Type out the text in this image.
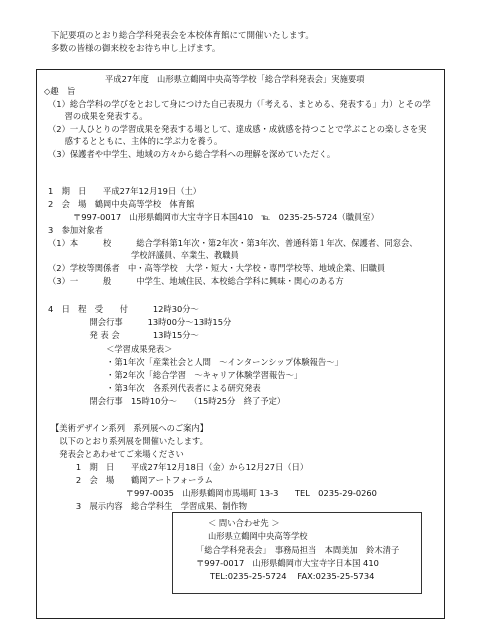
下記要項のとおり総合学科発表会を本校体育館にて開催いたします。
多数の皆様の御来校をお待ち申し上げます。
平成27年度　山形県立鶴岡中央高等学校「総合学科発表会」実施要項
◇趣　旨
（1）総合学科の学びをとおして身につけた自己表現力（「考える、まとめる、発表する」力）とその学
　　習の成果を発表する。
（2）一人ひとりの学習成果を発表する場として、達成感・成就感を持つことで学ぶことの楽しさを実
　　感するとともに、主体的に学ぶ力を養う。
（3）保護者や中学生、地域の方々から総合学科への理解を深めていただく。
1　期　日　　平成27年12月19日（土）
2　会　場　鶴岡中央高等学校　体育館
　　　〒997-0017　山形県鶴岡市大宝寺字日本国410　℡　0235-25-5724（職員室）
3　参加対象者
（1）本　　　校　　　総合学科第1年次・第2年次・第3年次、普通科第１年次、保護者、同窓会、
　　　　　　　　　　学校評議員、卒業生、教職員
（2）学校等関係者　中・高等学校　大学・短大・大学校・専門学校等、地域企業、旧職員
（3）一　　　般　　　中学生、地域住民、本校総合学科に興味・関心のある方
4　日　程　受　　付　　　12時30分～
　　　　　開会行事　　　13時00分～13時15分
　　　　　発 表 会　　　　13時15分～
　　　　　　　＜学習成果発表＞
　　　　　　　・第1年次「産業社会と人間　～インターンシップ体験報告～」
　　　　　　　・第2年次「総合学習　～キャリア体験学習報告～」
　　　　　　　・第3年次　各系列代表者による研究発表
　　　　　閉会行事　15時10分～　　（15時25分　終了予定）
【美術デザイン系列　系列展へのご案内】
　以下のとおり系列展を開催いたします。
　発表会とあわせてご来場ください
　　　1　期　日　　平成27年12月18日（金）から12月27日（日）
　　　2　会　場　　鶴岡アートフォーラム
　　　　　　　　　〒997-0035　山形県鶴岡市馬場町 13-3　　TEL　0235-29-0260
　　　3　展示内容　総合学科生　学習成果、制作物
＜ 問い合わせ先 ＞
山形県立鶴岡中央高等学校
「総合学科発表会」　事務局担当　本間美加　鈴木清子
〒997-0017　山形県鶴岡市大宝寺字日本国 410
TEL:0235-25-5724　 FAX:0235-25-5734
